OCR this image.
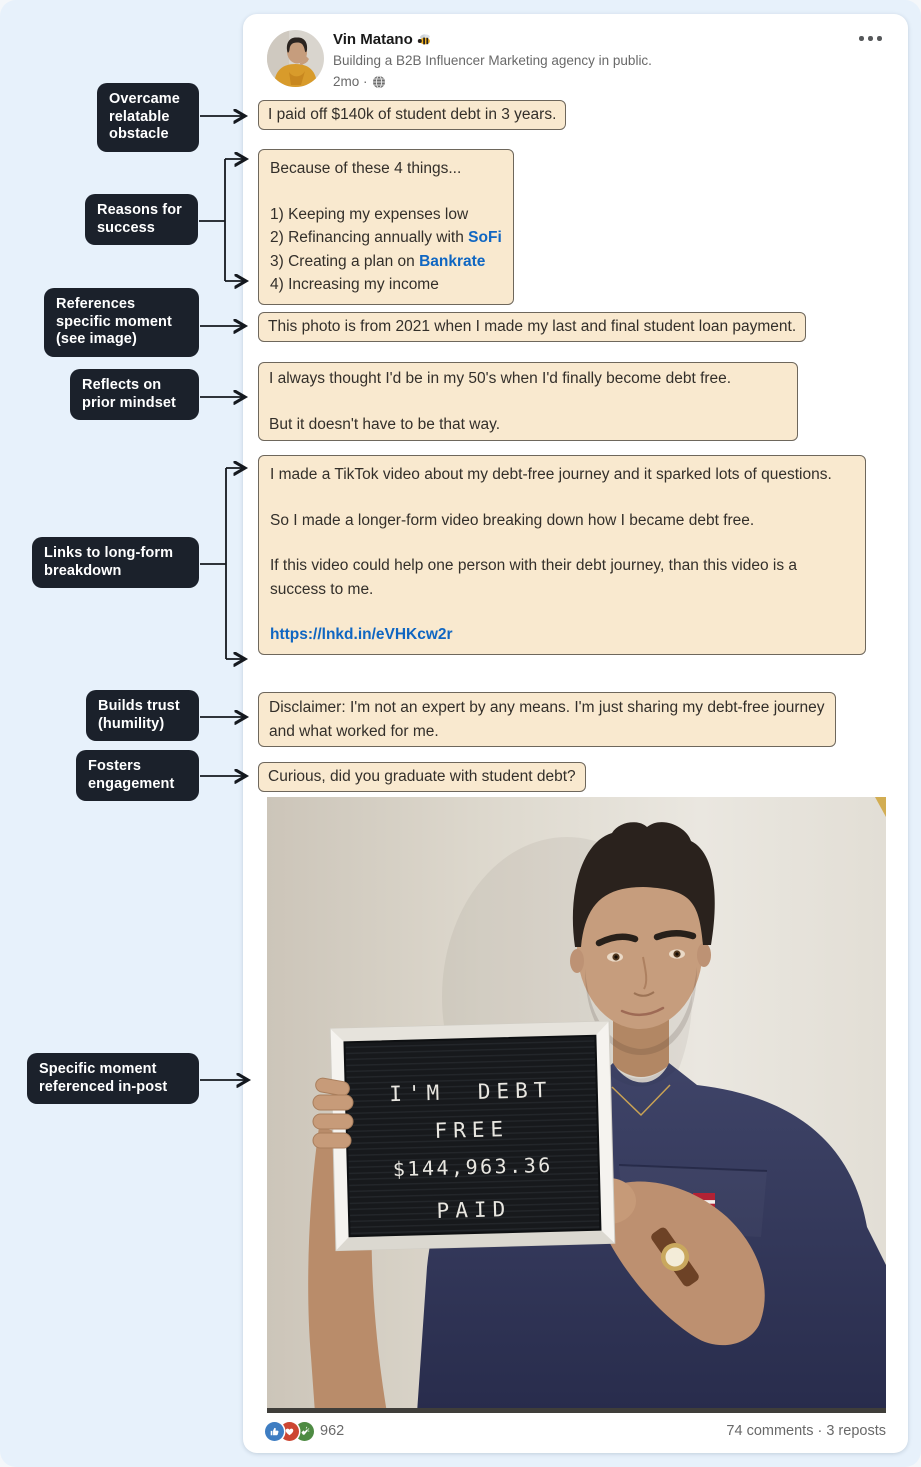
Vin Matano
Building a B2B Influencer Marketing agency in public.
2mo ·
I paid off $140k of student debt in 3 years.
Because of these 4 things...
1) Keeping my expenses low
2) Refinancing annually with SoFi
3) Creating a plan on Bankrate
4) Increasing my income
This photo is from 2021 when I made my last and final student loan payment.

I always thought I'd be in my 50's when I'd finally become debt free.

But it doesn't have to be that way.

I made a TikTok video about my debt-free journey and it sparked lots of questions.

So I made a longer-form video breaking down how I became debt free.

If this video could help one person with their debt journey, than this video is a success to me.

https://lnkd.in/eVHKcw2r

Disclaimer: I'm not an expert by any means. I'm just sharing my debt-free journey and what worked for me.
Curious, did you graduate with student debt?
I'M DEBT
FREE
$144,963.36
PAID
962	74 comments · 3 reposts
Overcame relatable obstacle
Reasons for success
References specific moment (see image)
Reflects on prior mindset
Links to long-form breakdown
Builds trust (humility)
Fosters engagement
Specific moment referenced in-post
